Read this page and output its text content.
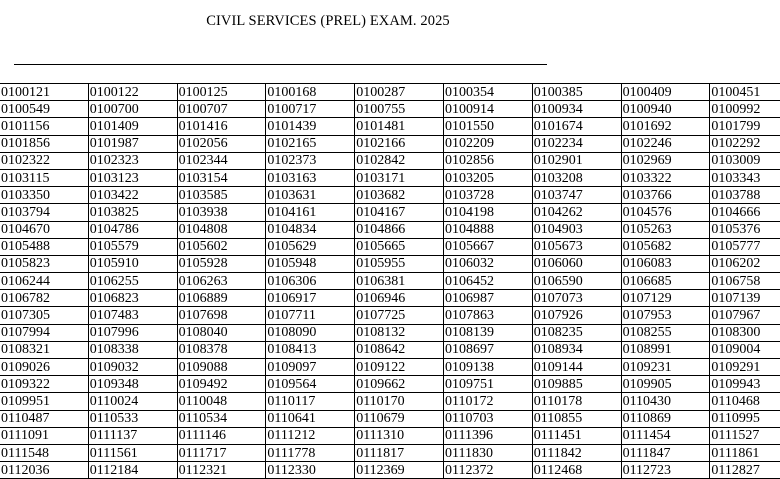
CIVIL SERVICES (PREL) EXAM. 2025
0100121	0100122	0100125	0100168	0100287	0100354	0100385	0100409	0100451
0100549	0100700	0100707	0100717	0100755	0100914	0100934	0100940	0100992
0101156	0101409	0101416	0101439	0101481	0101550	0101674	0101692	0101799
0101856	0101987	0102056	0102165	0102166	0102209	0102234	0102246	0102292
0102322	0102323	0102344	0102373	0102842	0102856	0102901	0102969	0103009
0103115	0103123	0103154	0103163	0103171	0103205	0103208	0103322	0103343
0103350	0103422	0103585	0103631	0103682	0103728	0103747	0103766	0103788
0103794	0103825	0103938	0104161	0104167	0104198	0104262	0104576	0104666
0104670	0104786	0104808	0104834	0104866	0104888	0104903	0105263	0105376
0105488	0105579	0105602	0105629	0105665	0105667	0105673	0105682	0105777
0105823	0105910	0105928	0105948	0105955	0106032	0106060	0106083	0106202
0106244	0106255	0106263	0106306	0106381	0106452	0106590	0106685	0106758
0106782	0106823	0106889	0106917	0106946	0106987	0107073	0107129	0107139
0107305	0107483	0107698	0107711	0107725	0107863	0107926	0107953	0107967
0107994	0107996	0108040	0108090	0108132	0108139	0108235	0108255	0108300
0108321	0108338	0108378	0108413	0108642	0108697	0108934	0108991	0109004
0109026	0109032	0109088	0109097	0109122	0109138	0109144	0109231	0109291
0109322	0109348	0109492	0109564	0109662	0109751	0109885	0109905	0109943
0109951	0110024	0110048	0110117	0110170	0110172	0110178	0110430	0110468
0110487	0110533	0110534	0110641	0110679	0110703	0110855	0110869	0110995
0111091	0111137	0111146	0111212	0111310	0111396	0111451	0111454	0111527
0111548	0111561	0111717	0111778	0111817	0111830	0111842	0111847	0111861
0112036	0112184	0112321	0112330	0112369	0112372	0112468	0112723	0112827
